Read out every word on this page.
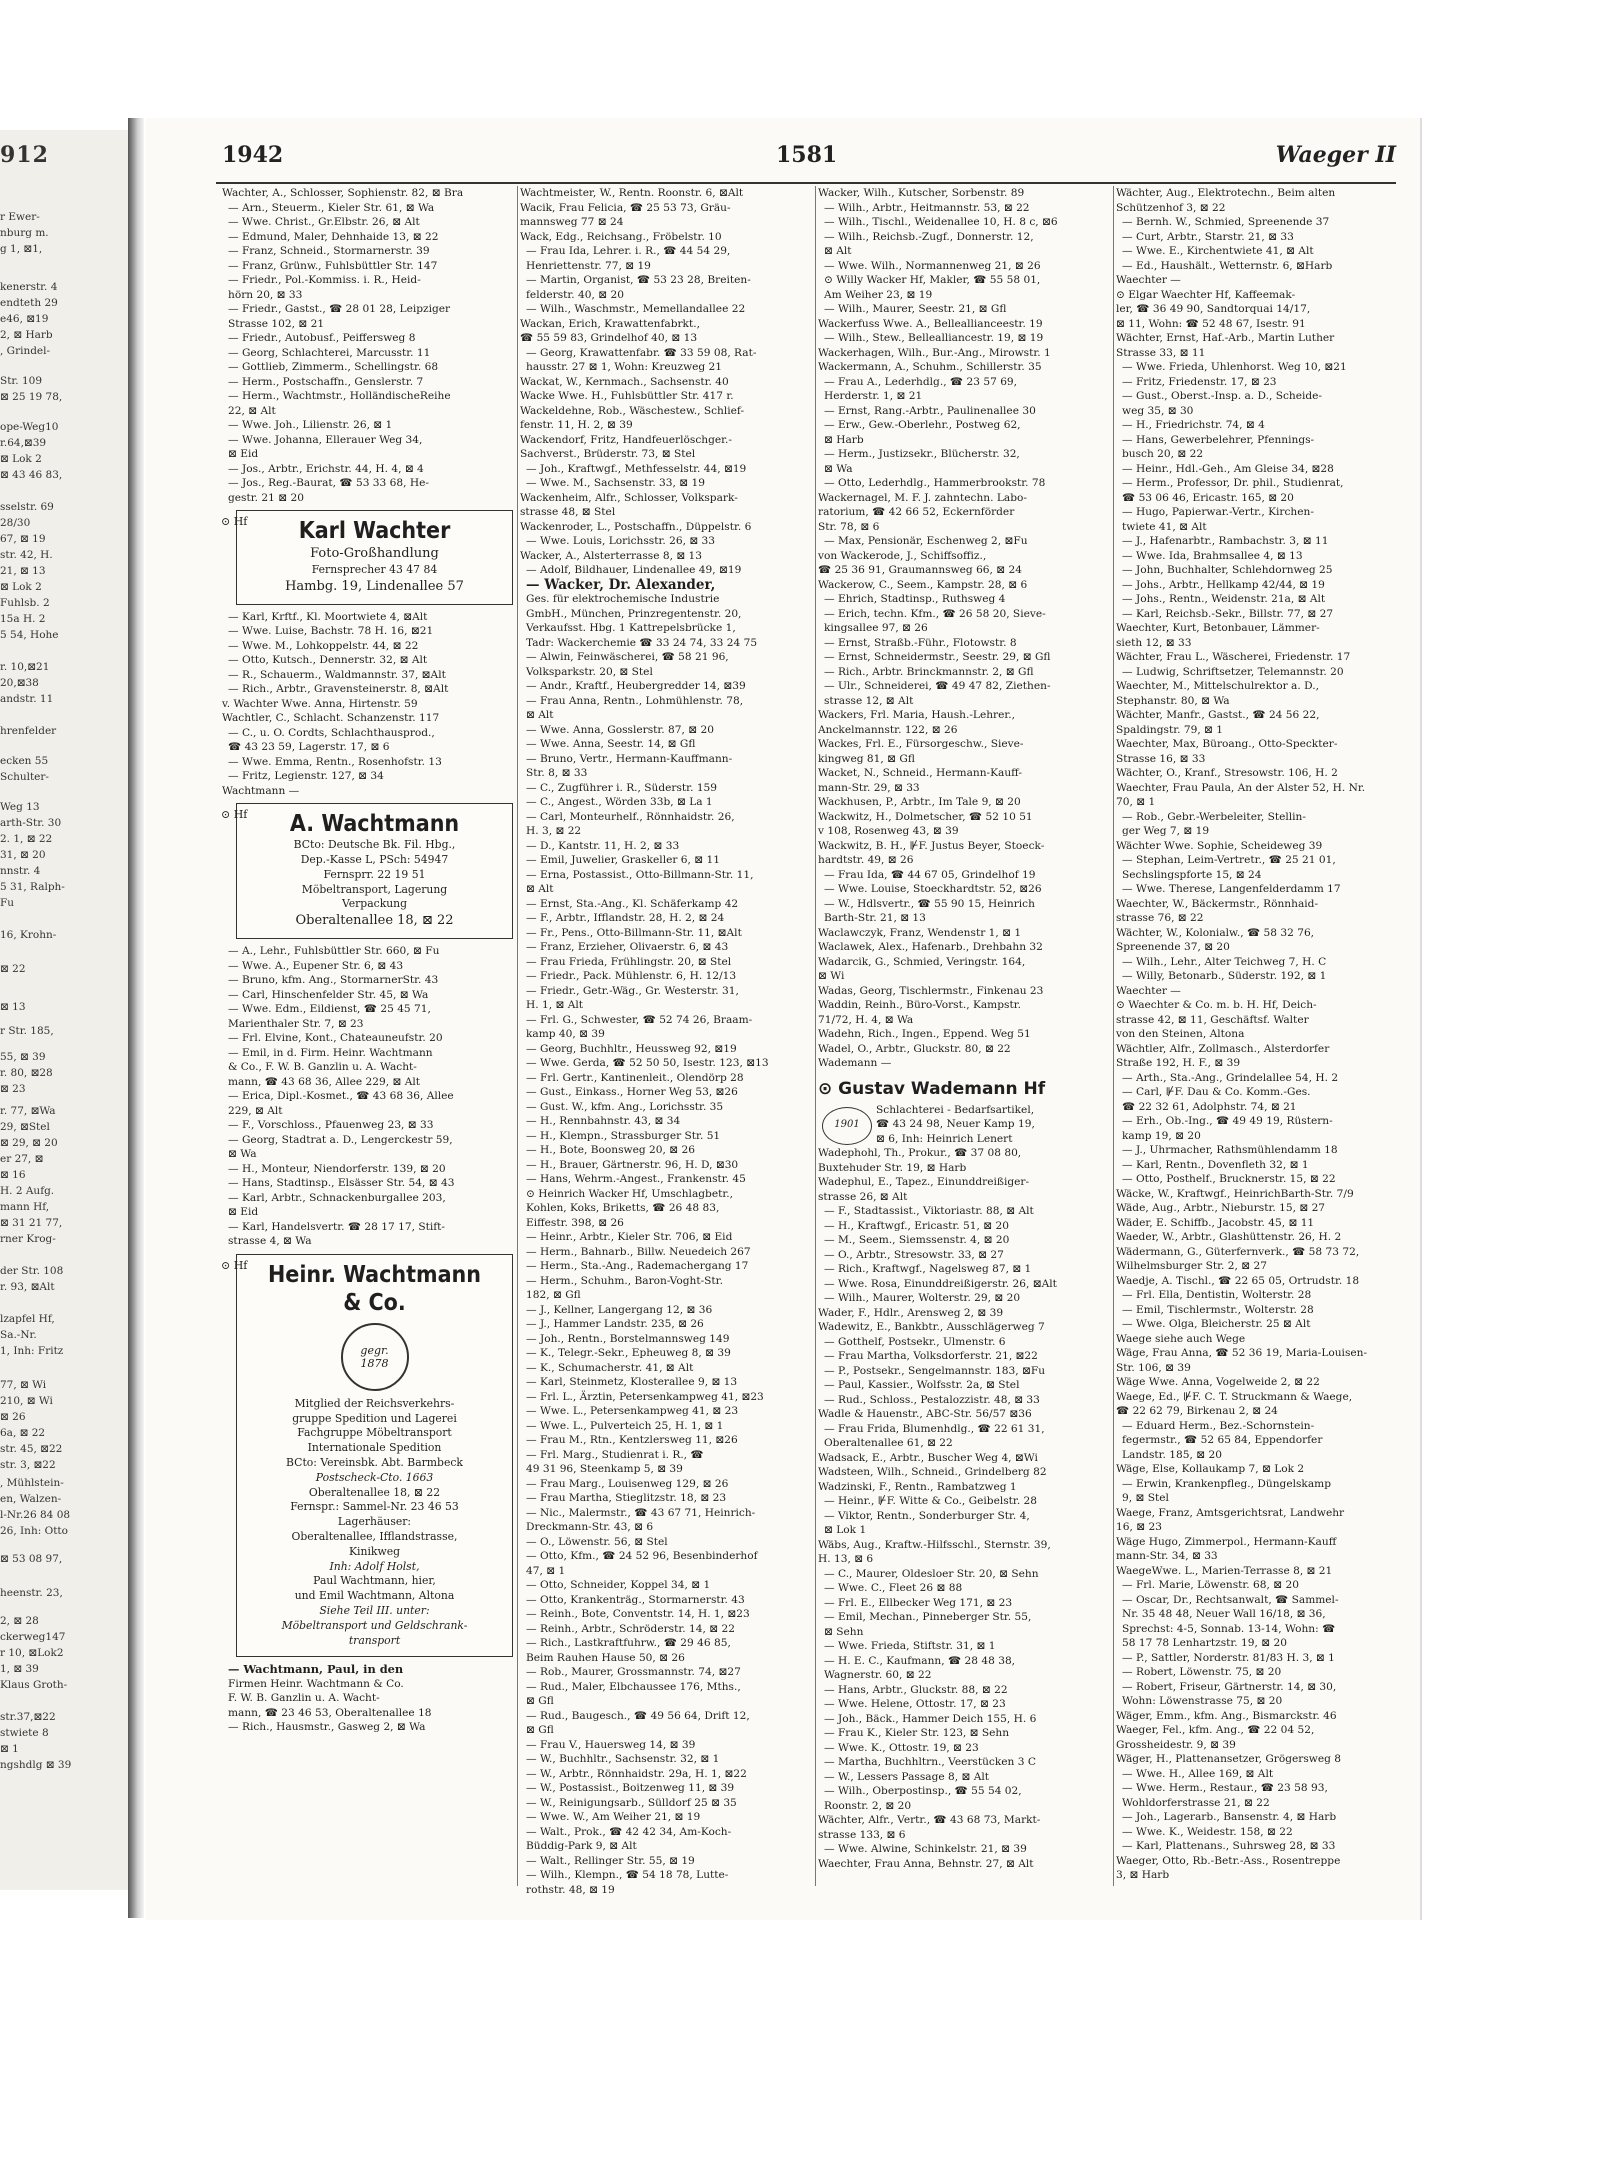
912
r Ewer-
nburg m.
g 1, ⊠1,
kenerstr. 4
endteth 29
e46, ⊠19
2, ⊠ Harb
, Grindel-
Str. 109
⊠ 25 19 78,
ope-Weg10
r.64,⊠39
⊠ Lok 2
⊠ 43 46 83,
sselstr. 69
28/30
67, ⊠ 19
str. 42, H.
21, ⊠ 13
⊠ Lok 2
Fuhlsb. 2
15a H. 2
5 54, Hohe
r. 10,⊠21
20,⊠38
andstr. 11
hrenfelder
ecken 55
Schulter-
Weg 13
arth-Str. 30
2. 1, ⊠ 22
31, ⊠ 20
nnstr. 4
5 31, Ralph-
Fu
16, Krohn-
⊠ 22
⊠ 13
r Str. 185,
55, ⊠ 39
r. 80, ⊠28
⊠ 23
r. 77, ⊠Wa
29, ⊠Stel
⊠ 29, ⊠ 20
er 27, ⊠
⊠ 16
H. 2 Aufg.
mann Hf,
⊠ 31 21 77,
rner Krog-
der Str. 108
r. 93, ⊠Alt
lzapfel Hf,
Sa.-Nr.
1, Inh: Fritz
77, ⊠ Wi
210, ⊠ Wi
⊠ 26
6a, ⊠ 22
str. 45, ⊠22
str. 3, ⊠22
, Mühlstein-
en, Walzen-
l-Nr.26 84 08
26, Inh: Otto
⊠ 53 08 97,
heenstr. 23,
2, ⊠ 28
ckerweg147
r 10, ⊠Lok2
1, ⊠ 39
Klaus Groth-
str.37,⊠22
stwiete 8
⊠ 1
ngshdlg ⊠ 39
1942	1581	Waeger II
Wachter, A., Schlosser, Sophienstr. 82, ⊠ Bra
— Arn., Steuerm., Kieler Str. 61, ⊠ Wa
— Wwe. Christ., Gr.Elbstr. 26, ⊠ Alt
— Edmund, Maler, Dehnhaide 13, ⊠ 22
— Franz, Schneid., Stormarnerstr. 39
— Franz, Grünw., Fuhlsbüttler Str. 147
— Friedr., Pol.-Kommiss. i. R., Heid-
hörn 20, ⊠ 33
— Friedr., Gastst., ☎ 28 01 28, Leipziger
Strasse 102, ⊠ 21
— Friedr., Autobusf., Peiffersweg 8
— Georg, Schlachterei, Marcusstr. 11
— Gottlieb, Zimmerm., Schellingstr. 68
— Herm., Postschaffn., Genslerstr. 7
— Herm., Wachtmstr., HolländischeReihe
22, ⊠ Alt
— Wwe. Joh., Lilienstr. 26, ⊠ 1
— Wwe. Johanna, Ellerauer Weg 34,
⊠ Eid
— Jos., Arbtr., Erichstr. 44, H. 4, ⊠ 4
— Jos., Reg.-Baurat, ☎ 53 33 68, He-
gestr. 21 ⊠ 20
⊙ Hf	Karl Wachter
Foto-Großhandlung
Fernsprecher 43 47 84
Hambg. 19, Lindenallee 57
— Karl, Krftf., Kl. Moortwiete 4, ⊠Alt
— Wwe. Luise, Bachstr. 78 H. 16, ⊠21
— Wwe. M., Lohkoppelstr. 44, ⊠ 22
— Otto, Kutsch., Dennerstr. 32, ⊠ Alt
— R., Schauerm., Waldmannstr. 37, ⊠Alt
— Rich., Arbtr., Gravensteinerstr. 8, ⊠Alt
v. Wachter Wwe. Anna, Hirtenstr. 59
Wachtler, C., Schlacht. Schanzenstr. 117
— C., u. O. Cordts, Schlachthausprod.,
☎ 43 23 59, Lagerstr. 17, ⊠ 6
— Wwe. Emma, Rentn., Rosenhofstr. 13
— Fritz, Legienstr. 127, ⊠ 34
Wachtmann —
⊙ Hf	A. Wachtmann
BCto: Deutsche Bk. Fil. Hbg.,
Dep.-Kasse L, PSch: 54947
Fernsprr. 22 19 51
Möbeltransport, Lagerung
Verpackung
Oberaltenallee 18, ⊠ 22
— A., Lehr., Fuhlsbüttler Str. 660, ⊠ Fu
— Wwe. A., Eupener Str. 6, ⊠ 43
— Bruno, kfm. Ang., StormarnerStr. 43
— Carl, Hinschenfelder Str. 45, ⊠ Wa
— Wwe. Edm., Eildienst, ☎ 25 45 71,
Marienthaler Str. 7, ⊠ 23
— Frl. Elvine, Kont., Chateauneufstr. 20
— Emil, in d. Firm. Heinr. Wachtmann
& Co., F. W. B. Ganzlin u. A. Wacht-
mann, ☎ 43 68 36, Allee 229, ⊠ Alt
— Erica, Dipl.-Kosmet., ☎ 43 68 36, Allee
229, ⊠ Alt
— F., Vorschloss., Pfauenweg 23, ⊠ 33
— Georg, Stadtrat a. D., Lengerckestr 59,
⊠ Wa
— H., Monteur, Niendorferstr. 139, ⊠ 20
— Hans, Stadtinsp., Elsässer Str. 54, ⊠ 43
— Karl, Arbtr., Schnackenburgallee 203,
⊠ Eid
— Karl, Handelsvertr. ☎ 28 17 17, Stift-
strasse 4, ⊠ Wa
⊙ Hf Heinr. Wachtmann
& Co.
gegr.
1878
Mitglied der Reichsverkehrs-
gruppe Spedition und Lagerei
Fachgruppe Möbeltransport
Internationale Spedition
BCto: Vereinsbk. Abt. Barmbeck
Postscheck-Cto. 1663
Oberaltenallee 18, ⊠ 22
Fernspr.: Sammel-Nr. 23 46 53
Lagerhäuser:
Oberaltenallee, Ifflandstrasse,
Kinikweg
Inh: Adolf Holst,
Paul Wachtmann, hier,
und Emil Wachtmann, Altona
Siehe Teil III. unter:
Möbeltransport und Geldschrank-
transport
— Wachtmann, Paul, in den
Firmen Heinr. Wachtmann & Co.
F. W. B. Ganzlin u. A. Wacht-
mann, ☎ 23 46 53, Oberaltenallee 18
— Rich., Hausmstr., Gasweg 2, ⊠ Wa
Wachtmeister, W., Rentn. Roonstr. 6, ⊠Alt
Wacik, Frau Felicia, ☎ 25 53 73, Gräu-
mannsweg 77 ⊠ 24
Wack, Edg., Reichsang., Fröbelstr. 10
— Frau Ida, Lehrer. i. R., ☎ 44 54 29,
Henriettenstr. 77, ⊠ 19
— Martin, Organist, ☎ 53 23 28, Breiten-
felderstr. 40, ⊠ 20
— Wilh., Waschmstr., Memellandallee 22
Wackan, Erich, Krawattenfabrkt.,
☎ 55 59 83, Grindelhof 40, ⊠ 13
— Georg, Krawattenfabr. ☎ 33 59 08, Rat-
hausstr. 27 ⊠ 1, Wohn: Kreuzweg 21
Wackat, W., Kernmach., Sachsenstr. 40
Wacke Wwe. H., Fuhlsbüttler Str. 417 r.
Wackeldehne, Rob., Wäschestew., Schlief-
fenstr. 11, H. 2, ⊠ 39
Wackendorf, Fritz, Handfeuerlöschger.-
Sachverst., Brüderstr. 73, ⊠ Stel
— Joh., Kraftwgf., Methfesselstr. 44, ⊠19
— Wwe. M., Sachsenstr. 33, ⊠ 19
Wackenheim, Alfr., Schlosser, Volkspark-
strasse 48, ⊠ Stel
Wackenroder, L., Postschaffn., Düppelstr. 6
— Wwe. Louis, Lorichsstr. 26, ⊠ 33
Wacker, A., Alsterterrasse 8, ⊠ 13
— Adolf, Bildhauer, Lindenallee 49, ⊠19
— Wacker, Dr. Alexander,
Ges. für elektrochemische Industrie
GmbH., München, Prinzregentenstr. 20,
Verkaufsst. Hbg. 1 Kattrepelsbrücke 1,
Tadr: Wackerchemie ☎ 33 24 74, 33 24 75
— Alwin, Feinwäscherei, ☎ 58 21 96,
Volksparkstr. 20, ⊠ Stel
— Andr., Kraftf., Heubergredder 14, ⊠39
— Frau Anna, Rentn., Lohmühlenstr. 78,
⊠ Alt
— Wwe. Anna, Gosslerstr. 87, ⊠ 20
— Wwe. Anna, Seestr. 14, ⊠ Gfl
— Bruno, Vertr., Hermann-Kauffmann-
Str. 8, ⊠ 33
— C., Zugführer i. R., Süderstr. 159
— C., Angest., Wörden 33b, ⊠ La 1
— Carl, Monteurhelf., Rönnhaidstr. 26,
H. 3, ⊠ 22
— D., Kantstr. 11, H. 2, ⊠ 33
— Emil, Juwelier, Graskeller 6, ⊠ 11
— Erna, Postassist., Otto-Billmann-Str. 11,
⊠ Alt
— Ernst, Sta.-Ang., Kl. Schäferkamp 42
— F., Arbtr., Ifflandstr. 28, H. 2, ⊠ 24
— Fr., Pens., Otto-Billmann-Str. 11, ⊠Alt
— Franz, Erzieher, Olivaerstr. 6, ⊠ 43
— Frau Frieda, Frühlingstr. 20, ⊠ Stel
— Friedr., Pack. Mühlenstr. 6, H. 12/13
— Friedr., Getr.-Wäg., Gr. Westerstr. 31,
H. 1, ⊠ Alt
— Frl. G., Schwester, ☎ 52 74 26, Braam-
kamp 40, ⊠ 39
— Georg, Buchhltr., Heussweg 92, ⊠19
— Wwe. Gerda, ☎ 52 50 50, Isestr. 123, ⊠13
— Frl. Gertr., Kantinenleit., Olendörp 28
— Gust., Einkass., Horner Weg 53, ⊠26
— Gust. W., kfm. Ang., Lorichsstr. 35
— H., Rennbahnstr. 43, ⊠ 34
— H., Klempn., Strassburger Str. 51
— H., Bote, Boonsweg 20, ⊠ 26
— H., Brauer, Gärtnerstr. 96, H. D, ⊠30
— Hans, Wehrm.-Angest., Frankenstr. 45
⊙ Heinrich Wacker Hf, Umschlagbetr.,
Kohlen, Koks, Briketts, ☎ 26 48 83,
Eiffestr. 398, ⊠ 26
— Heinr., Arbtr., Kieler Str. 706, ⊠ Eid
— Herm., Bahnarb., Billw. Neuedeich 267
— Herm., Sta.-Ang., Rademachergang 17
— Herm., Schuhm., Baron-Voght-Str.
182, ⊠ Gfl
— J., Kellner, Langergang 12, ⊠ 36
— J., Hammer Landstr. 235, ⊠ 26
— Joh., Rentn., Borstelmannsweg 149
— K., Telegr.-Sekr., Epheuweg 8, ⊠ 39
— K., Schumacherstr. 41, ⊠ Alt
— Karl, Steinmetz, Klosterallee 9, ⊠ 13
— Frl. L., Ärztin, Petersenkampweg 41, ⊠23
— Wwe. L., Petersenkampweg 41, ⊠ 23
— Wwe. L., Pulverteich 25, H. 1, ⊠ 1
— Frau M., Rtn., Kentzlersweg 11, ⊠26
— Frl. Marg., Studienrat i. R., ☎
49 31 96, Steenkamp 5, ⊠ 39
— Frau Marg., Louisenweg 129, ⊠ 26
— Frau Martha, Stieglitzstr. 18, ⊠ 23
— Nic., Malermstr., ☎ 43 67 71, Heinrich-
Dreckmann-Str. 43, ⊠ 6
— O., Löwenstr. 56, ⊠ Stel
— Otto, Kfm., ☎ 24 52 96, Besenbinderhof
47, ⊠ 1
— Otto, Schneider, Koppel 34, ⊠ 1
— Otto, Krankenträg., Stormarnerstr. 43
— Reinh., Bote, Conventstr. 14, H. 1, ⊠23
— Reinh., Arbtr., Schröderstr. 14, ⊠ 22
— Rich., Lastkraftfuhrw., ☎ 29 46 85,
Beim Rauhen Hause 50, ⊠ 26
— Rob., Maurer, Grossmannstr. 74, ⊠27
— Rud., Maler, Elbchaussee 176, Mths.,
⊠ Gfl
— Rud., Baugesch., ☎ 49 56 64, Drift 12,
⊠ Gfl
— Frau V., Hauersweg 14, ⊠ 39
— W., Buchhltr., Sachsenstr. 32, ⊠ 1
— W., Arbtr., Rönnhaidstr. 29a, H. 1, ⊠22
— W., Postassist., Boitzenweg 11, ⊠ 39
— W., Reinigungsarb., Sülldorf 25 ⊠ 35
— Wwe. W., Am Weiher 21, ⊠ 19
— Walt., Prok., ☎ 42 42 34, Am-Koch-
Büddig-Park 9, ⊠ Alt
— Walt., Rellinger Str. 55, ⊠ 19
— Wilh., Klempn., ☎ 54 18 78, Lutte-
rothstr. 48, ⊠ 19
Wacker, Wilh., Kutscher, Sorbenstr. 89
— Wilh., Arbtr., Heitmannstr. 53, ⊠ 22
— Wilh., Tischl., Weidenallee 10, H. 8 c, ⊠6
— Wilh., Reichsb.-Zugf., Donnerstr. 12,
⊠ Alt
— Wwe. Wilh., Normannenweg 21, ⊠ 26
⊙ Willy Wacker Hf, Makler, ☎ 55 58 01,
Am Weiher 23, ⊠ 19
— Wilh., Maurer, Seestr. 21, ⊠ Gfl
Wackerfuss Wwe. A., Belleallianceestr. 19
— Wilh., Stew., Bellealliancestr. 19, ⊠ 19
Wackerhagen, Wilh., Bur.-Ang., Mirowstr. 1
Wackermann, A., Schuhm., Schillerstr. 35
— Frau A., Lederhdlg., ☎ 23 57 69,
Herderstr. 1, ⊠ 21
— Ernst, Rang.-Arbtr., Paulinenallee 30
— Erw., Gew.-Oberlehr., Postweg 62,
⊠ Harb
— Herm., Justizsekr., Blücherstr. 32,
⊠ Wa
— Otto, Lederhdlg., Hammerbrookstr. 78
Wackernagel, M. F. J. zahntechn. Labo-
ratorium, ☎ 42 66 52, Eckernförder
Str. 78, ⊠ 6
— Max, Pensionär, Eschenweg 2, ⊠Fu
von Wackerode, J., Schiffsoffiz.,
☎ 25 36 91, Graumannsweg 66, ⊠ 24
Wackerow, C., Seem., Kampstr. 28, ⊠ 6
— Ehrich, Stadtinsp., Ruthsweg 4
— Erich, techn. Kfm., ☎ 26 58 20, Sieve-
kingsallee 97, ⊠ 26
— Ernst, Straßb.-Führ., Flotowstr. 8
— Ernst, Schneidermstr., Seestr. 29, ⊠ Gfl
— Rich., Arbtr. Brinckmannstr. 2, ⊠ Gfl
— Ulr., Schneiderei, ☎ 49 47 82, Ziethen-
strasse 12, ⊠ Alt
Wackers, Frl. Maria, Haush.-Lehrer.,
Anckelmannstr. 122, ⊠ 26
Wackes, Frl. E., Fürsorgeschw., Sieve-
kingweg 81, ⊠ Gfl
Wacket, N., Schneid., Hermann-Kauff-
mann-Str. 29, ⊠ 33
Wackhusen, P., Arbtr., Im Tale 9, ⊠ 20
Wackwitz, H., Dolmetscher, ☎ 52 10 51
v 108, Rosenweg 43, ⊠ 39
Wackwitz, B. H., ⊮F. Justus Beyer, Stoeck-
hardtstr. 49, ⊠ 26
— Frau Ida, ☎ 44 67 05, Grindelhof 19
— Wwe. Louise, Stoeckhardtstr. 52, ⊠26
— W., Hdlsvertr., ☎ 55 90 15, Heinrich
Barth-Str. 21, ⊠ 13
Waclawczyk, Franz, Wendenstr 1, ⊠ 1
Waclawek, Alex., Hafenarb., Drehbahn 32
Wadarcik, G., Schmied, Veringstr. 164,
⊠ Wi
Wadas, Georg, Tischlermstr., Finkenau 23
Waddin, Reinh., Büro-Vorst., Kampstr.
71/72, H. 4, ⊠ Wa
Wadehn, Rich., Ingen., Eppend. Weg 51
Wadel, O., Arbtr., Gluckstr. 80, ⊠ 22
Wademann —
⊙ Gustav Wademann Hf
1901
Schlachterei - Bedarfsartikel,
☎ 43 24 98, Neuer Kamp 19,
⊠ 6, Inh: Heinrich Lenert
Wadephohl, Th., Prokur., ☎ 37 08 80,
Buxtehuder Str. 19, ⊠ Harb
Wadephul, E., Tapez., Einunddreißiger-
strasse 26, ⊠ Alt
— F., Stadtassist., Viktoriastr. 88, ⊠ Alt
— H., Kraftwgf., Ericastr. 51, ⊠ 20
— M., Seem., Siemssenstr. 4, ⊠ 20
— O., Arbtr., Stresowstr. 33, ⊠ 27
— Rich., Kraftwgf., Nagelsweg 87, ⊠ 1
— Wwe. Rosa, Einunddreißigerstr. 26, ⊠Alt
— Wilh., Maurer, Wolterstr. 29, ⊠ 20
Wader, F., Hdlr., Arensweg 2, ⊠ 39
Wadewitz, E., Bankbtr., Ausschlägerweg 7
— Gotthelf, Postsekr., Ulmenstr. 6
— Frau Martha, Volksdorferstr. 21, ⊠22
— P., Postsekr., Sengelmannstr. 183, ⊠Fu
— Paul, Kassier., Wolfsstr. 2a, ⊠ Stel
— Rud., Schloss., Pestalozzistr. 48, ⊠ 33
Wadle & Hauenstr., ABC-Str. 56/57 ⊠36
— Frau Frida, Blumenhdlg., ☎ 22 61 31,
Oberaltenallee 61, ⊠ 22
Wadsack, E., Arbtr., Buscher Weg 4, ⊠Wi
Wadsteen, Wilh., Schneid., Grindelberg 82
Wadzinski, F., Rentn., Rambatzweg 1
— Heinr., ⊮F. Witte & Co., Geibelstr. 28
— Viktor, Rentn., Sonderburger Str. 4,
⊠ Lok 1
Wäbs, Aug., Kraftw.-Hilfsschl., Sternstr. 39,
H. 13, ⊠ 6
— C., Maurer, Oldesloer Str. 20, ⊠ Sehn
— Wwe. C., Fleet 26 ⊠ 88
— Frl. E., Ellbecker Weg 171, ⊠ 23
— Emil, Mechan., Pinneberger Str. 55,
⊠ Sehn
— Wwe. Frieda, Stiftstr. 31, ⊠ 1
— H. E. C., Kaufmann, ☎ 28 48 38,
Wagnerstr. 60, ⊠ 22
— Hans, Arbtr., Gluckstr. 88, ⊠ 22
— Wwe. Helene, Ottostr. 17, ⊠ 23
— Joh., Bäck., Hammer Deich 155, H. 6
— Frau K., Kieler Str. 123, ⊠ Sehn
— Wwe. K., Ottostr. 19, ⊠ 23
— Martha, Buchhltrn., Veerstücken 3 C
— W., Lessers Passage 8, ⊠ Alt
— Wilh., Oberpostinsp., ☎ 55 54 02,
Roonstr. 2, ⊠ 20
Wächter, Alfr., Vertr., ☎ 43 68 73, Markt-
strasse 133, ⊠ 6
— Wwe. Alwine, Schinkelstr. 21, ⊠ 39
Waechter, Frau Anna, Behnstr. 27, ⊠ Alt
Wächter, Aug., Elektrotechn., Beim alten
Schützenhof 3, ⊠ 22
— Bernh. W., Schmied, Spreenende 37
— Curt, Arbtr., Starstr. 21, ⊠ 33
— Wwe. E., Kirchentwiete 41, ⊠ Alt
— Ed., Haushält., Wetternstr. 6, ⊠Harb
Waechter —
⊙ Elgar Waechter Hf, Kaffeemak-
ler, ☎ 36 49 90, Sandtorquai 14/17,
⊠ 11, Wohn: ☎ 52 48 67, Isestr. 91
Wächter, Ernst, Haf.-Arb., Martin Luther
Strasse 33, ⊠ 11
— Wwe. Frieda, Uhlenhorst. Weg 10, ⊠21
— Fritz, Friedenstr. 17, ⊠ 23
— Gust., Oberst.-Insp. a. D., Scheide-
weg 35, ⊠ 30
— H., Friedrichstr. 74, ⊠ 4
— Hans, Gewerbelehrer, Pfennings-
busch 20, ⊠ 22
— Heinr., Hdl.-Geh., Am Gleise 34, ⊠28
— Herm., Professor, Dr. phil., Studienrat,
☎ 53 06 46, Ericastr. 165, ⊠ 20
— Hugo, Papierwar.-Vertr., Kirchen-
twiete 41, ⊠ Alt
— J., Hafenarbtr., Rambachstr. 3, ⊠ 11
— Wwe. Ida, Brahmsallee 4, ⊠ 13
— John, Buchhalter, Schlehdornweg 25
— Johs., Arbtr., Hellkamp 42/44, ⊠ 19
— Johs., Rentn., Weidenstr. 21a, ⊠ Alt
— Karl, Reichsb.-Sekr., Billstr. 77, ⊠ 27
Waechter, Kurt, Betonbauer, Lämmer-
sieth 12, ⊠ 33
Wächter, Frau L., Wäscherei, Friedenstr. 17
— Ludwig, Schriftsetzer, Telemannstr. 20
Waechter, M., Mittelschulrektor a. D.,
Stephanstr. 80, ⊠ Wa
Wächter, Manfr., Gastst., ☎ 24 56 22,
Spaldingstr. 79, ⊠ 1
Waechter, Max, Büroang., Otto-Speckter-
Strasse 16, ⊠ 33
Wächter, O., Kranf., Stresowstr. 106, H. 2
Waechter, Frau Paula, An der Alster 52, H. Nr.
70, ⊠ 1
— Rob., Gebr.-Werbeleiter, Stellin-
ger Weg 7, ⊠ 19
Wächter Wwe. Sophie, Scheideweg 39
— Stephan, Leim-Vertretr., ☎ 25 21 01,
Sechslingspforte 15, ⊠ 24
— Wwe. Therese, Langenfelderdamm 17
Waechter, W., Bäckermstr., Rönnhaid-
strasse 76, ⊠ 22
Wächter, W., Kolonialw., ☎ 58 32 76,
Spreenende 37, ⊠ 20
— Wilh., Lehr., Alter Teichweg 7, H. C
— Willy, Betonarb., Süderstr. 192, ⊠ 1
Waechter —
⊙ Waechter & Co. m. b. H. Hf, Deich-
strasse 42, ⊠ 11, Geschäftsf. Walter
von den Steinen, Altona
Wächtler, Alfr., Zollmasch., Alsterdorfer
Straße 192, H. F., ⊠ 39
— Arth., Sta.-Ang., Grindelallee 54, H. 2
— Carl, ⊮F. Dau & Co. Komm.-Ges.
☎ 22 32 61, Adolphstr. 74, ⊠ 21
— Erh., Ob.-Ing., ☎ 49 49 19, Rüstern-
kamp 19, ⊠ 20
— J., Uhrmacher, Rathsmühlendamm 18
— Karl, Rentn., Dovenfleth 32, ⊠ 1
— Otto, Posthelf., Brucknerstr. 15, ⊠ 22
Wäcke, W., Kraftwgf., HeinrichBarth-Str. 7/9
Wäde, Aug., Arbtr., Nieburstr. 15, ⊠ 27
Wäder, E. Schiffb., Jacobstr. 45, ⊠ 11
Waeder, W., Arbtr., Glashüttenstr. 26, H. 2
Wädermann, G., Güterfernverk., ☎ 58 73 72,
Wilhelmsburger Str. 2, ⊠ 27
Waedje, A. Tischl., ☎ 22 65 05, Ortrudstr. 18
— Frl. Ella, Dentistin, Wolterstr. 28
— Emil, Tischlermstr., Wolterstr. 28
— Wwe. Olga, Bleicherstr. 25 ⊠ Alt
Waege siehe auch Wege
Wäge, Frau Anna, ☎ 52 36 19, Maria-Louisen-
Str. 106, ⊠ 39
Wäge Wwe. Anna, Vogelweide 2, ⊠ 22
Waege, Ed., ⊮F. C. T. Struckmann & Waege,
☎ 22 62 79, Birkenau 2, ⊠ 24
— Eduard Herm., Bez.-Schornstein-
fegermstr., ☎ 52 65 84, Eppendorfer
Landstr. 185, ⊠ 20
Wäge, Else, Kollaukamp 7, ⊠ Lok 2
— Erwin, Krankenpfleg., Düngelskamp
9, ⊠ Stel
Waege, Franz, Amtsgerichtsrat, Landwehr
16, ⊠ 23
Wäge Hugo, Zimmerpol., Hermann-Kauff
mann-Str. 34, ⊠ 33
WaegeWwe. L., Marien-Terrasse 8, ⊠ 21
— Frl. Marie, Löwenstr. 68, ⊠ 20
— Oscar, Dr., Rechtsanwalt, ☎ Sammel-
Nr. 35 48 48, Neuer Wall 16/18, ⊠ 36,
Sprechst: 4-5, Sonnab. 13-14, Wohn: ☎
58 17 78 Lenhartzstr. 19, ⊠ 20
— P., Sattler, Norderstr. 81/83 H. 3, ⊠ 1
— Robert, Löwenstr. 75, ⊠ 20
— Robert, Friseur, Gärtnerstr. 14, ⊠ 30,
Wohn: Löwenstrasse 75, ⊠ 20
Wäger, Emm., kfm. Ang., Bismarckstr. 46
Waeger, Fel., kfm. Ang., ☎ 22 04 52,
Grossheidestr. 9, ⊠ 39
Wäger, H., Plattenansetzer, Grögersweg 8
— Wwe. H., Allee 169, ⊠ Alt
— Wwe. Herm., Restaur., ☎ 23 58 93,
Wohldorferstrasse 21, ⊠ 22
— Joh., Lagerarb., Bansenstr. 4, ⊠ Harb
— Wwe. K., Weidestr. 158, ⊠ 22
— Karl, Plattenans., Suhrsweg 28, ⊠ 33
Waeger, Otto, Rb.-Betr.-Ass., Rosentreppe
3, ⊠ Harb
